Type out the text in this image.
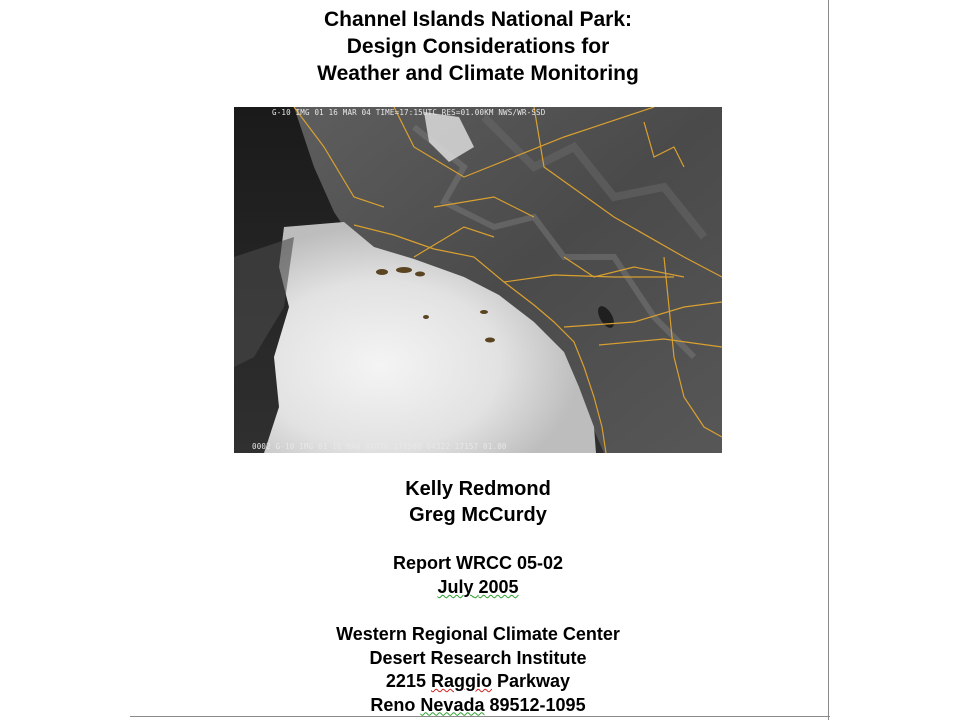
Channel Islands National Park:
Design Considerations for
Weather and Climate Monitoring
G-10 IMG 01 16 MAR 04 TIME=17:15UTC RES=01.00KM NWS/WR-SSD
0002 G-10 IMG 01 16 MAR 04076 171500 04322 17157 01.00
Kelly Redmond
Greg McCurdy
Report WRCC 05-02
July 2005
Western Regional Climate Center
Desert Research Institute
2215 Raggio Parkway
Reno Nevada 89512-1095
